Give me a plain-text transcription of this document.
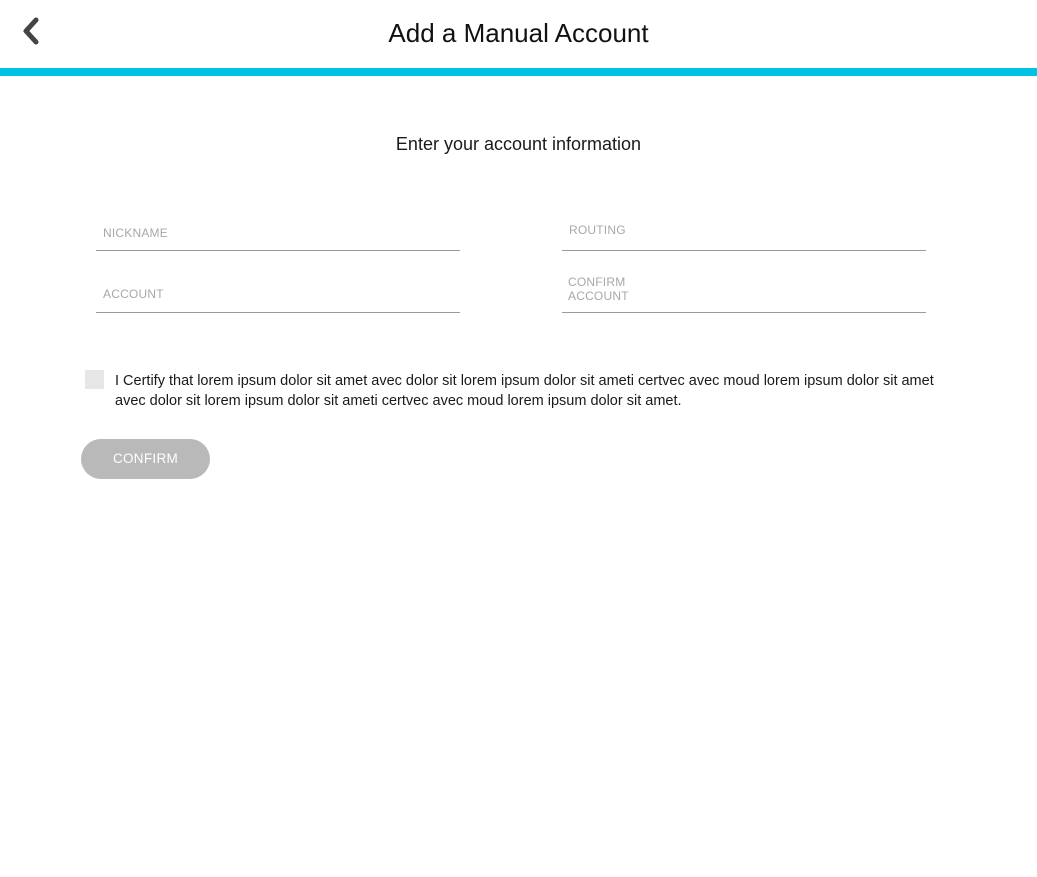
Add a Manual Account
Enter your account information
NICKNAME
ROUTING
ACCOUNT
CONFIRM
ACCOUNT
I Certify that lorem ipsum dolor sit amet avec dolor sit lorem ipsum dolor sit ameti certvec avec moud lorem ipsum dolor sit amet avec dolor sit lorem ipsum dolor sit ameti certvec avec moud lorem ipsum dolor sit amet.
CONFIRM
